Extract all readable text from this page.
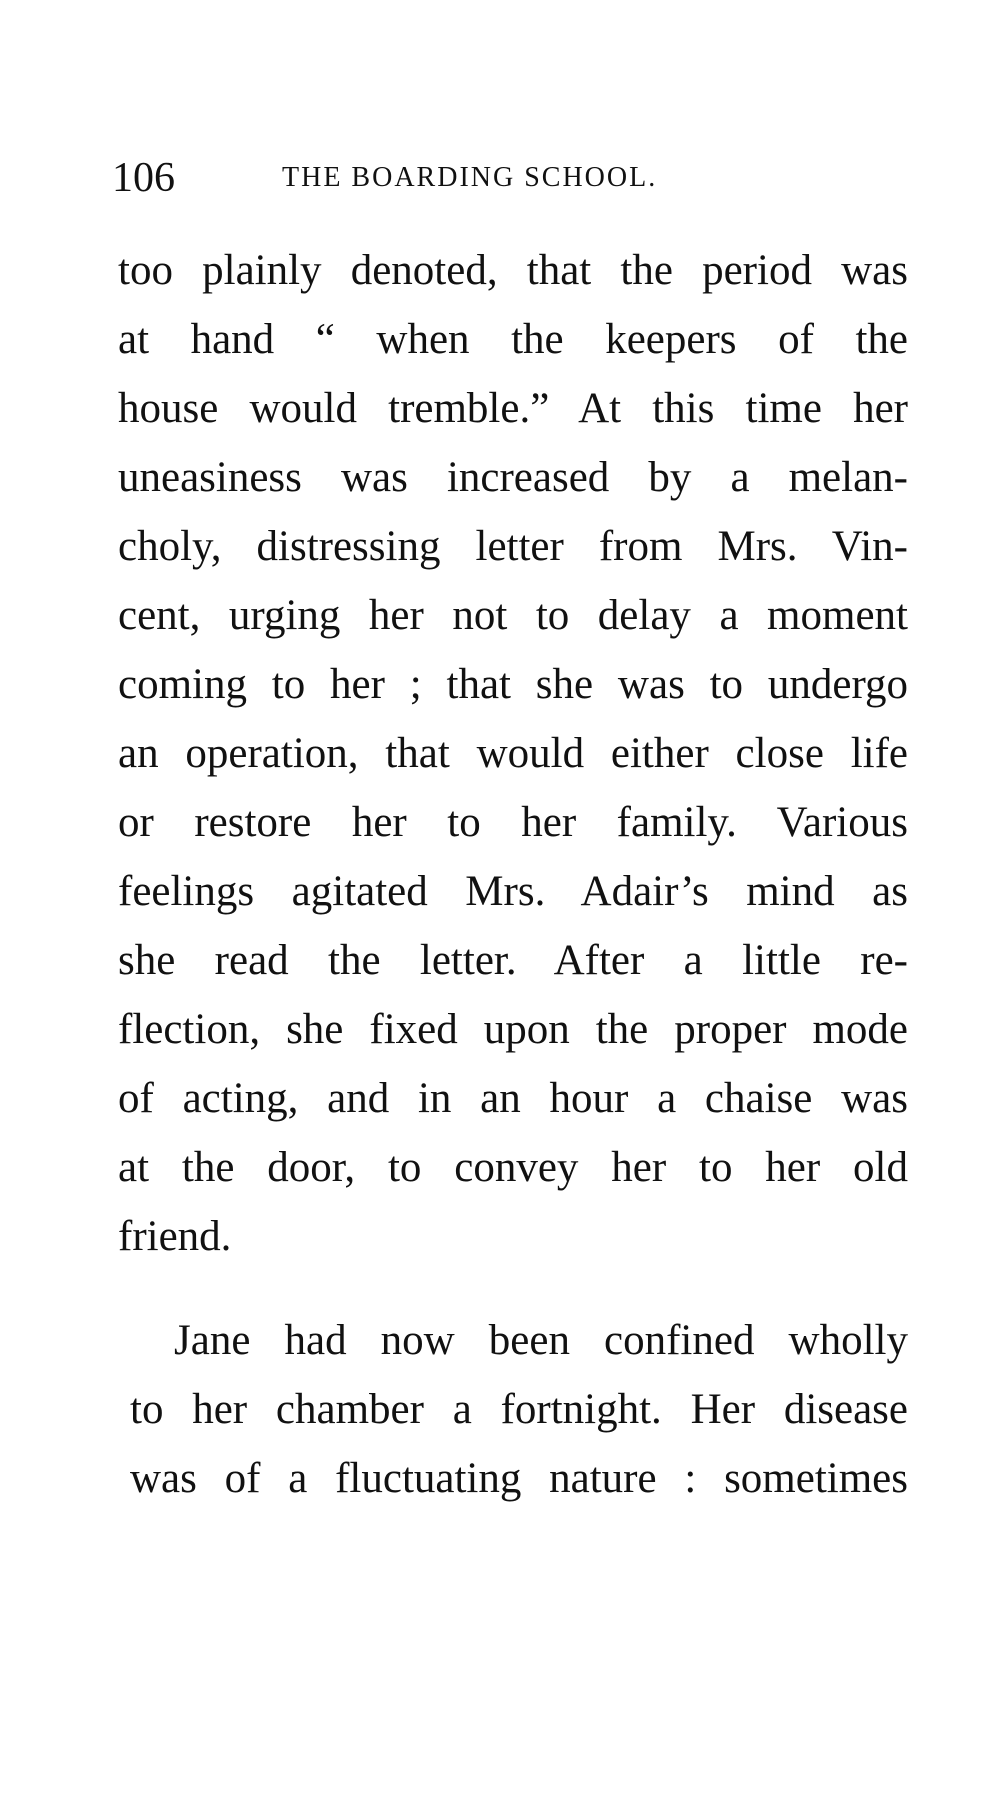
106	THE BOARDING SCHOOL.
too plainly denoted, that the period was
at hand “ when the keepers of the
house would tremble.” At this time her
uneasiness was increased by a melan-
choly, distressing letter from Mrs. Vin-
cent, urging her not to delay a moment
coming to her ; that she was to undergo
an operation, that would either close life
or restore her to her family. Various
feelings agitated Mrs. Adair’s mind as
she read the letter. After a little re-
flection, she fixed upon the proper mode
of acting, and in an hour a chaise was
at the door, to convey her to her old
friend.
Jane had now been confined wholly
to her chamber a fortnight. Her disease
was of a fluctuating nature : sometimes
